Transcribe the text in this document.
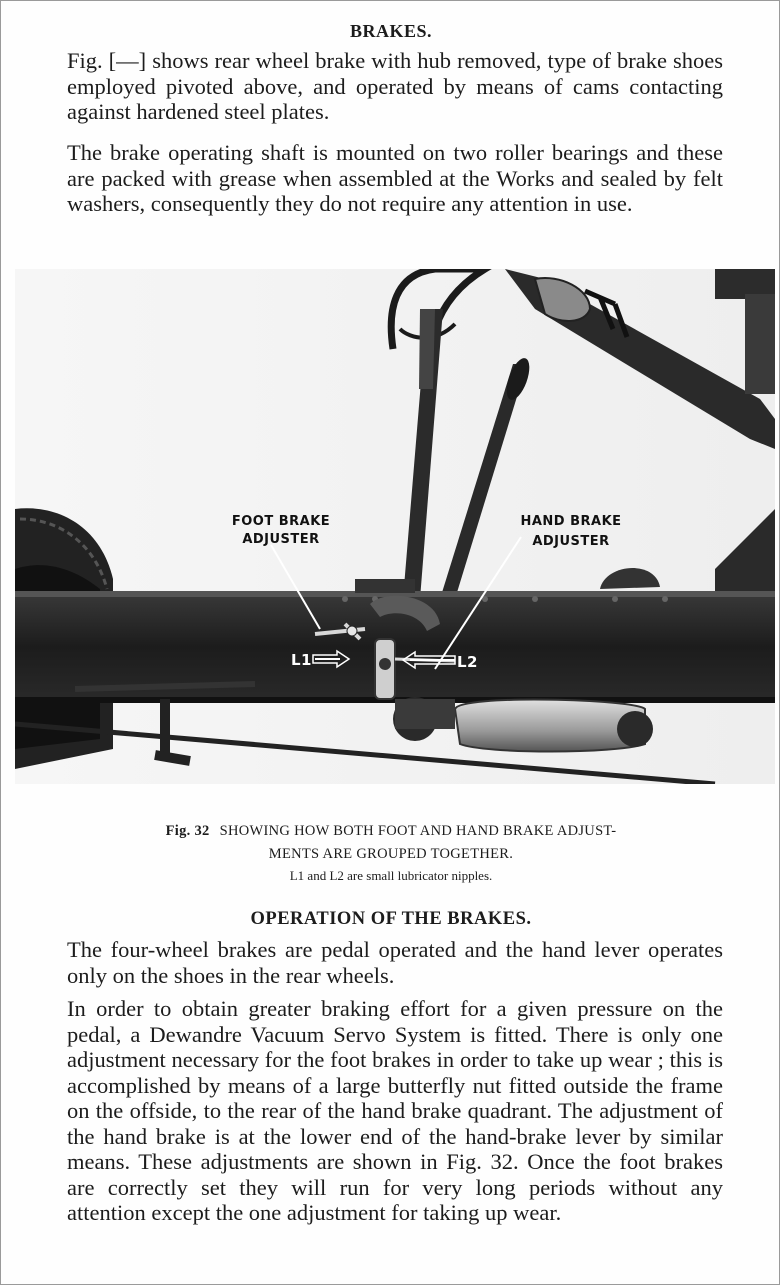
BRAKES.

Fig. [—] shows rear wheel brake with hub removed, type of brake shoes employed pivoted above, and operated by means of cams contacting against hardened steel plates.

The brake operating shaft is mounted on two roller bearings and these are packed with grease when assembled at the Works and sealed by felt washers, consequently they do not require any attention in use.

FOOT BRAKE
ADJUSTER
HAND BRAKE
ADJUSTER
L1	L2
Fig. 32 SHOWING HOW BOTH FOOT AND HAND BRAKE ADJUST-
MENTS ARE GROUPED TOGETHER.
L1 and L2 are small lubricator nipples.
OPERATION OF THE BRAKES.

The four-wheel brakes are pedal operated and the hand lever operates only on the shoes in the rear wheels.

In order to obtain greater braking effort for a given pressure on the pedal, a Dewandre Vacuum Servo System is fitted. There is only one adjustment necessary for the foot brakes in order to take up wear ; this is accomplished by means of a large butterfly nut fitted outside the frame on the offside, to the rear of the hand brake quadrant. The adjustment of the hand brake is at the lower end of the hand-brake lever by similar means. These adjustments are shown in Fig. 32. Once the foot brakes are correctly set they will run for very long periods without any attention except the one adjustment for taking up wear.
